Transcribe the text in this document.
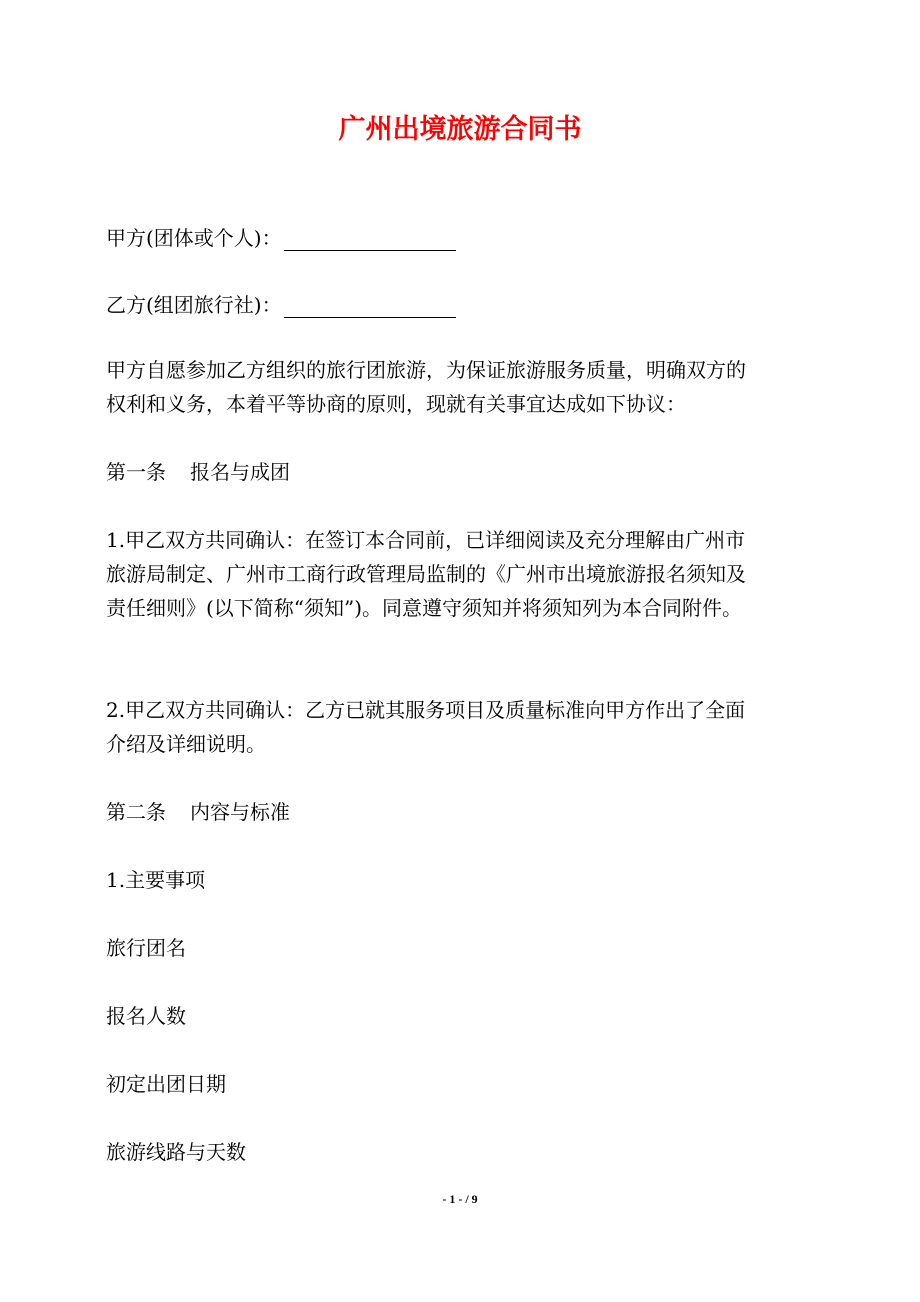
广州出境旅游合同书
甲方(团体或个人)：
乙方(组团旅行社)：
甲方自愿参加乙方组织的旅行团旅游，为保证旅游服务质量，明确双方的
权利和义务，本着平等协商的原则，现就有关事宜达成如下协议：
第一条 报名与成团
1.甲乙双方共同确认：在签订本合同前，已详细阅读及充分理解由广州市
旅游局制定、广州市工商行政管理局监制的《广州市出境旅游报名须知及
责任细则》(以下简称“须知”)。同意遵守须知并将须知列为本合同附件。
2.甲乙双方共同确认：乙方已就其服务项目及质量标准向甲方作出了全面
介绍及详细说明。
第二条 内容与标准
1.主要事项
旅行团名
报名人数
初定出团日期
旅游线路与天数
- 1 - / 9
